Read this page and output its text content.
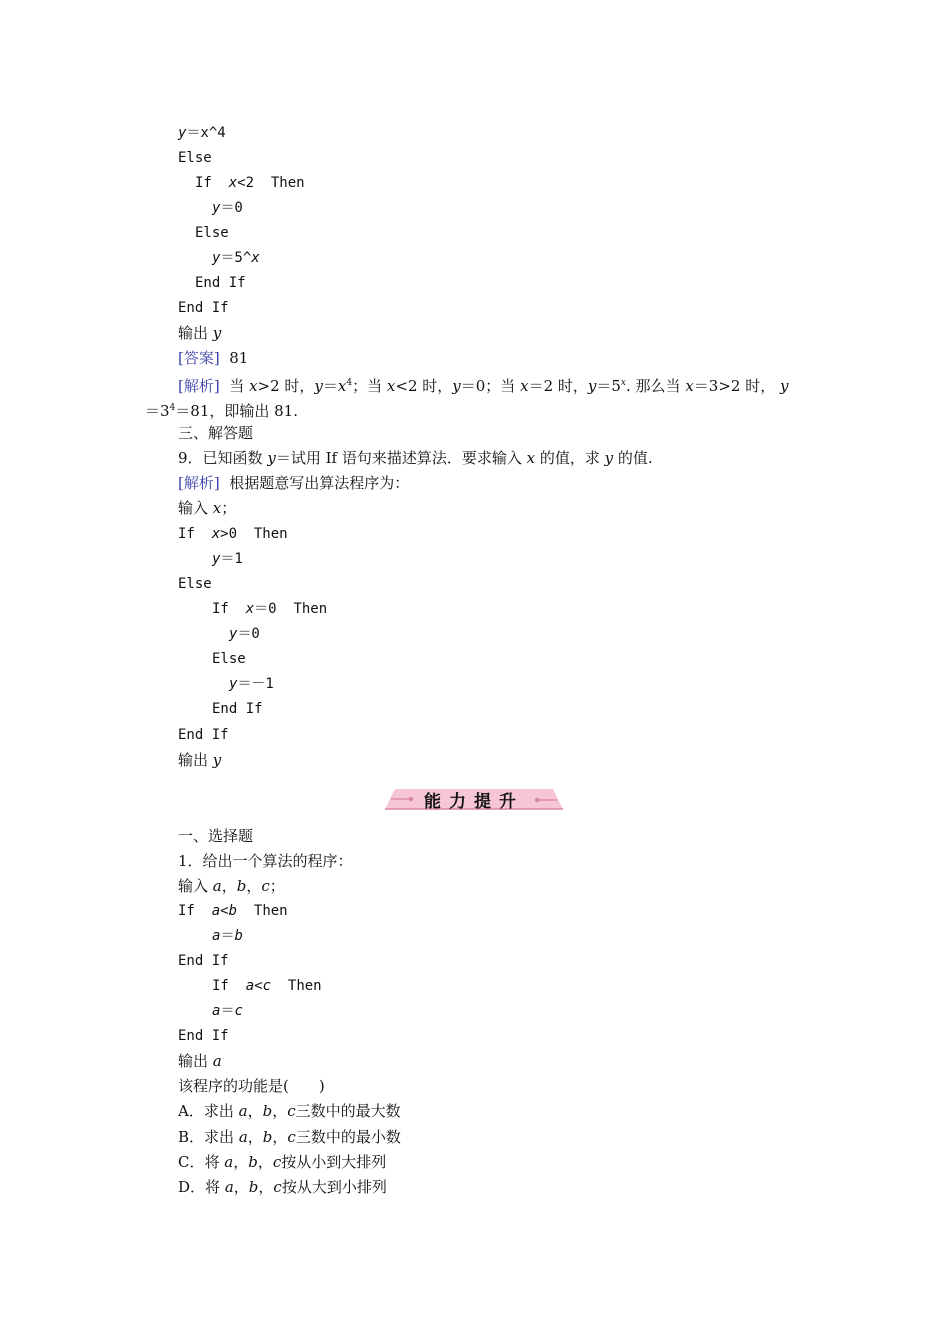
y＝x^4
Else
If x<2 Then
y＝0
Else
y＝5^x
End If
End If
输出 y
[答案] 81
[解析] 当 x>2 时，$y=x^4$；当 x<2 时，y＝0；当 x＝2 时，$y=5^x$. 那么当 x＝3>2 时， y
$=3^4=81$，即输出 81.
三、解答题
9．已知函数 y＝试用 If 语句来描述算法．要求输入 x 的值，求 y 的值.
[解析] 根据题意写出算法程序为：
输入 x；
If x>0 Then
y＝1
Else
If x＝0 Then
y＝0
Else
y＝－1
End If
End If
输出 y
能力提升
一、选择题
1．给出一个算法的程序：
输入 a，b，c；
If a<b Then
a＝b
End If
If a<c Then
a＝c
End If
输出 a
该程序的功能是(　　)
A．求出 a，b，c三数中的最大数
B．求出 a，b，c三数中的最小数
C．将 a，b，c按从小到大排列
D．将 a，b，c按从大到小排列
